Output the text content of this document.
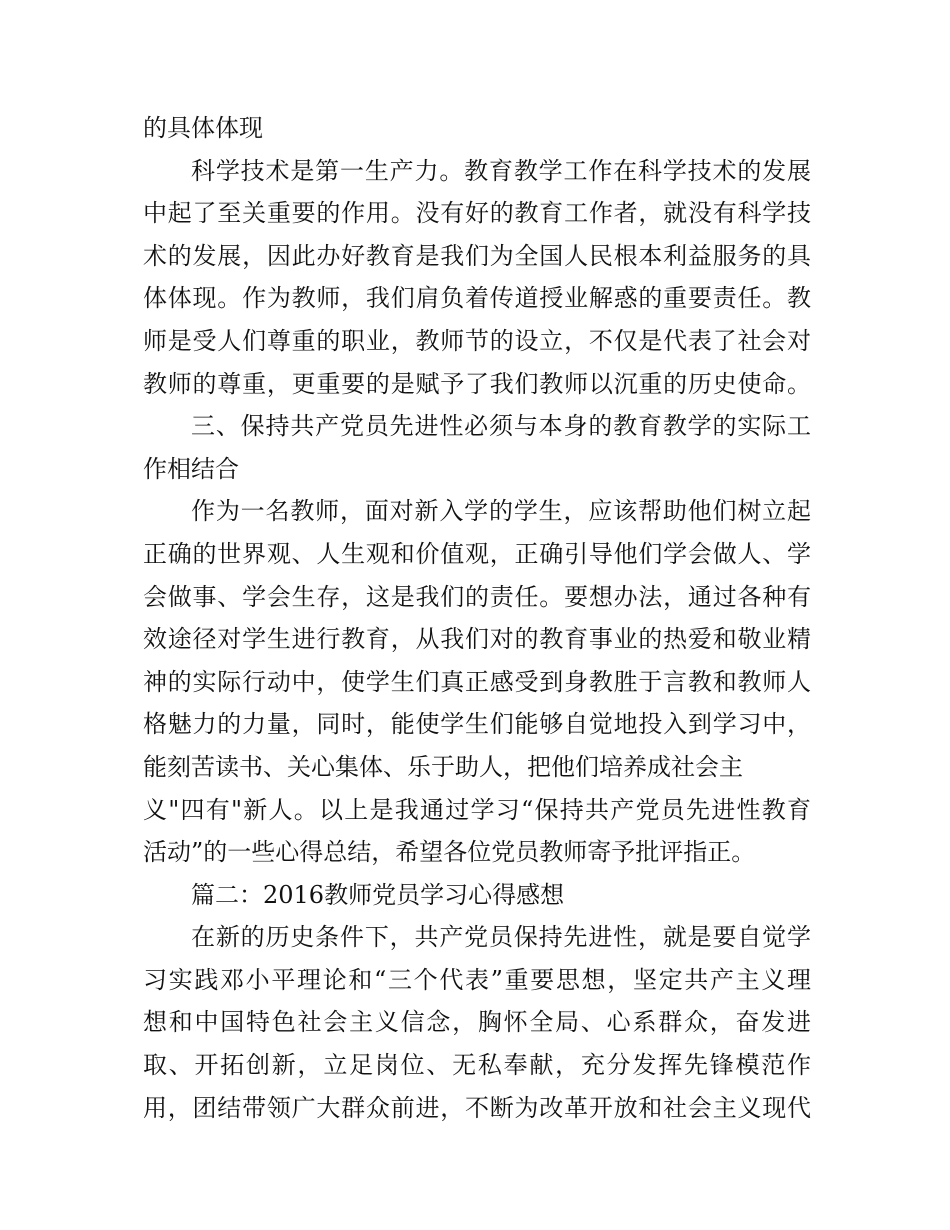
的具体体现
科学技术是第一生产力。教育教学工作在科学技术的发展
中起了至关重要的作用。没有好的教育工作者，就没有科学技
术的发展，因此办好教育是我们为全国人民根本利益服务的具
体体现。作为教师，我们肩负着传道授业解惑的重要责任。教
师是受人们尊重的职业，教师节的设立，不仅是代表了社会对
教师的尊重，更重要的是赋予了我们教师以沉重的历史使命。
三、保持共产党员先进性必须与本身的教育教学的实际工
作相结合
作为一名教师，面对新入学的学生，应该帮助他们树立起
正确的世界观、人生观和价值观，正确引导他们学会做人、学
会做事、学会生存，这是我们的责任。要想办法，通过各种有
效途径对学生进行教育，从我们对的教育事业的热爱和敬业精
神的实际行动中，使学生们真正感受到身教胜于言教和教师人
格魅力的力量，同时，能使学生们能够自觉地投入到学习中，
能刻苦读书、关心集体、乐于助人，把他们培养成社会主
义"四有"新人。以上是我通过学习“保持共产党员先进性教育
活动”的一些心得总结，希望各位党员教师寄予批评指正。
篇二：2016教师党员学习心得感想
在新的历史条件下，共产党员保持先进性，就是要自觉学
习实践邓小平理论和“三个代表”重要思想，坚定共产主义理
想和中国特色社会主义信念，胸怀全局、心系群众，奋发进
取、开拓创新，立足岗位、无私奉献，充分发挥先锋模范作
用，团结带领广大群众前进，不断为改革开放和社会主义现代
